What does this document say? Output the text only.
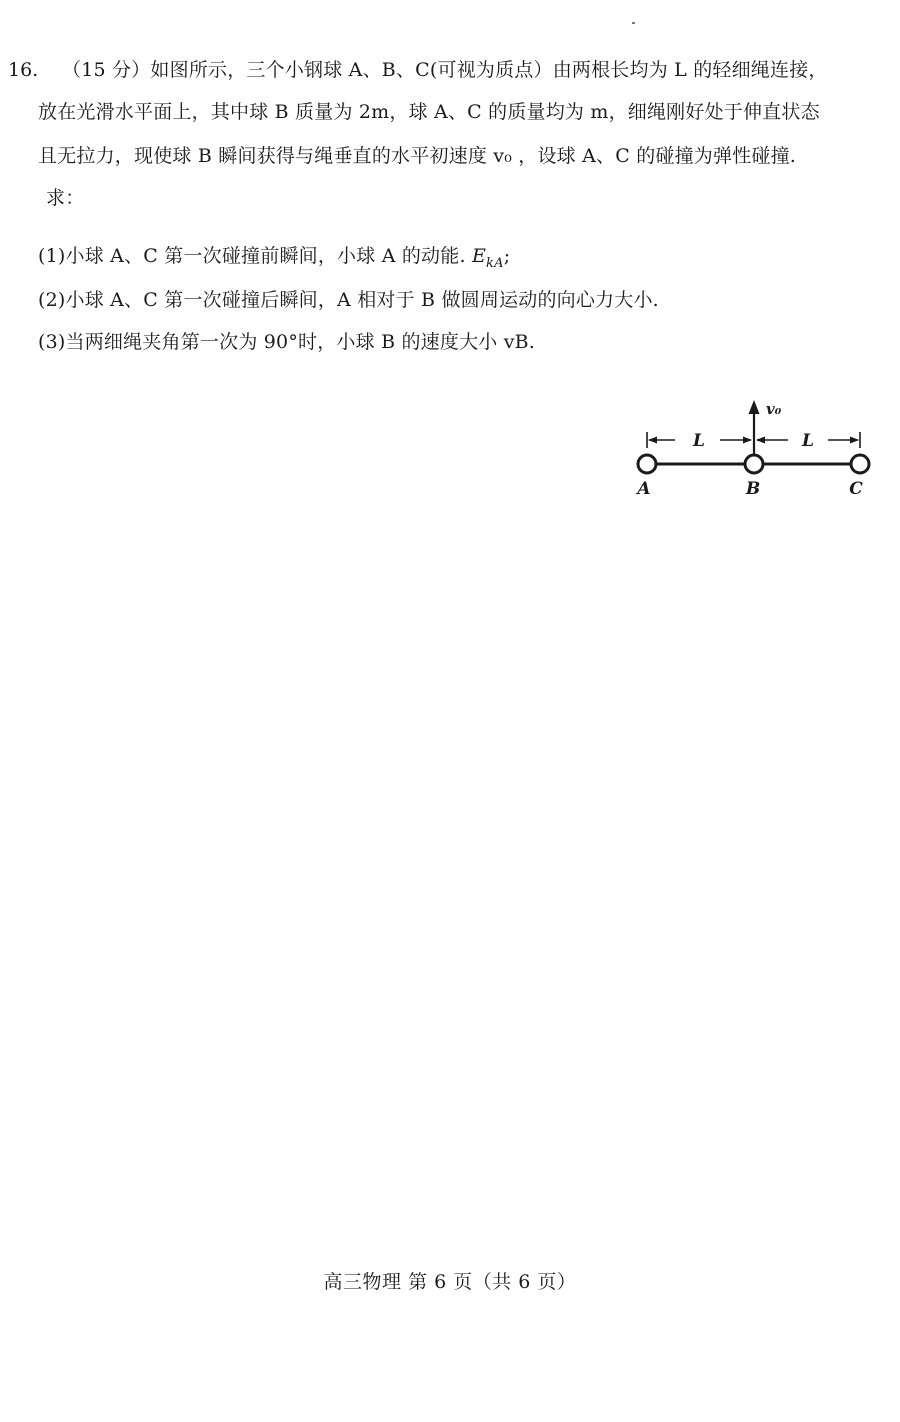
16. （15 分）如图所示，三个小钢球 A、B、C(可视为质点）由两根长均为 L 的轻细绳连接，
放在光滑水平面上，其中球 B 质量为 2m，球 A、C 的质量均为 m，细绳刚好处于伸直状态
且无拉力，现使球 B 瞬间获得与绳垂直的水平初速度 v₀ ，设球 A、C 的碰撞为弹性碰撞.
求：
(1)小球 A、C 第一次碰撞前瞬间，小球 A 的动能. $E_{kA}$;
(2)小球 A、C 第一次碰撞后瞬间，A 相对于 B 做圆周运动的向心力大小.
(3)当两细绳夹角第一次为 90°时，小球 B 的速度大小 vB.
v₀
L	L
A	B	C
高三物理 第 6 页（共 6 页）
